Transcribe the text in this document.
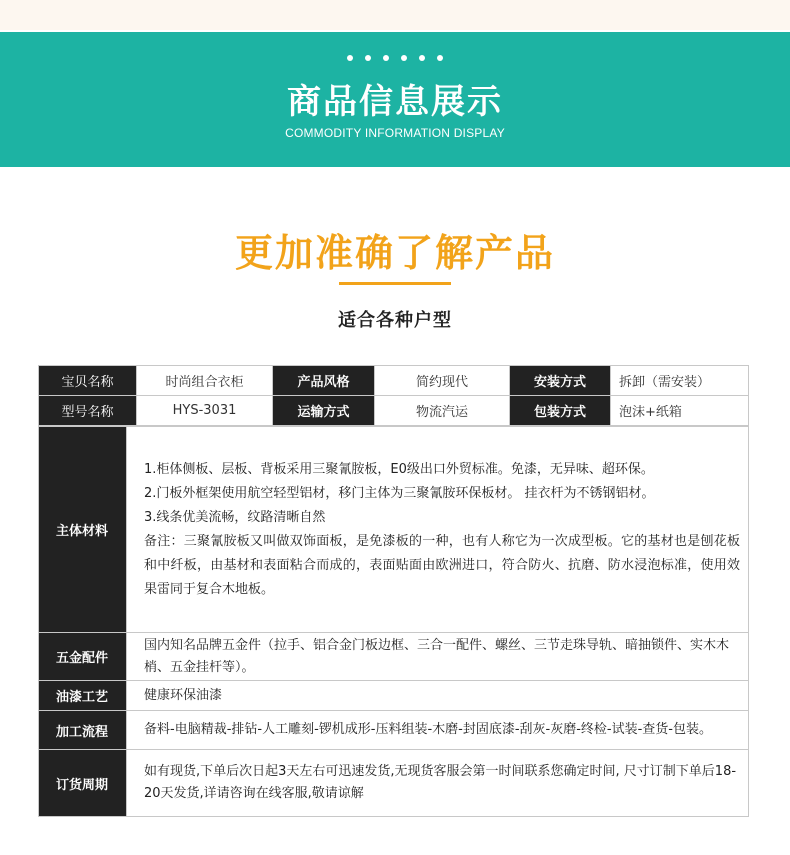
商品信息展示
COMMODITY INFORMATION DISPLAY
更加准确了解产品
适合各种户型
宝贝名称	时尚组合衣柜	产品风格	简约现代	安装方式	拆卸（需安装）
型号名称	HYS-3031	运输方式	物流汽运	包装方式	泡沫+纸箱
主体材料	1.柜体侧板、层板、背板采用三聚氰胺板，E0级出口外贸标准。免漆，无异味、超环保。
2.门板外框架使用航空轻型铝材，移门主体为三聚氰胺环保板材。 挂衣杆为不锈钢铝材。
3.线条优美流畅，纹路清晰自然
备注：三聚氰胺板又叫做双饰面板，是免漆板的一种，也有人称它为一次成型板。它的基材也是刨花板和中纤板，由基材和表面粘合而成的，表面贴面由欧洲进口，符合防火、抗磨、防水浸泡标准，使用效果雷同于复合木地板。

五金配件	国内知名品牌五金件（拉手、铝合金门板边框、三合一配件、螺丝、三节走珠导轨、暗抽锁件、实木木梢、五金挂杆等）。
油漆工艺	健康环保油漆
加工流程	备料-电脑精裁-排钻-人工雕刻-锣机成形-压料组装-木磨-封固底漆-刮灰-灰磨-终检-试装-查货-包装。
订货周期	如有现货,下单后次日起3天左右可迅速发货,无现货客服会第一时间联系您确定时间, 尺寸订制下单后18-20天发货,详请咨询在线客服,敬请谅解
